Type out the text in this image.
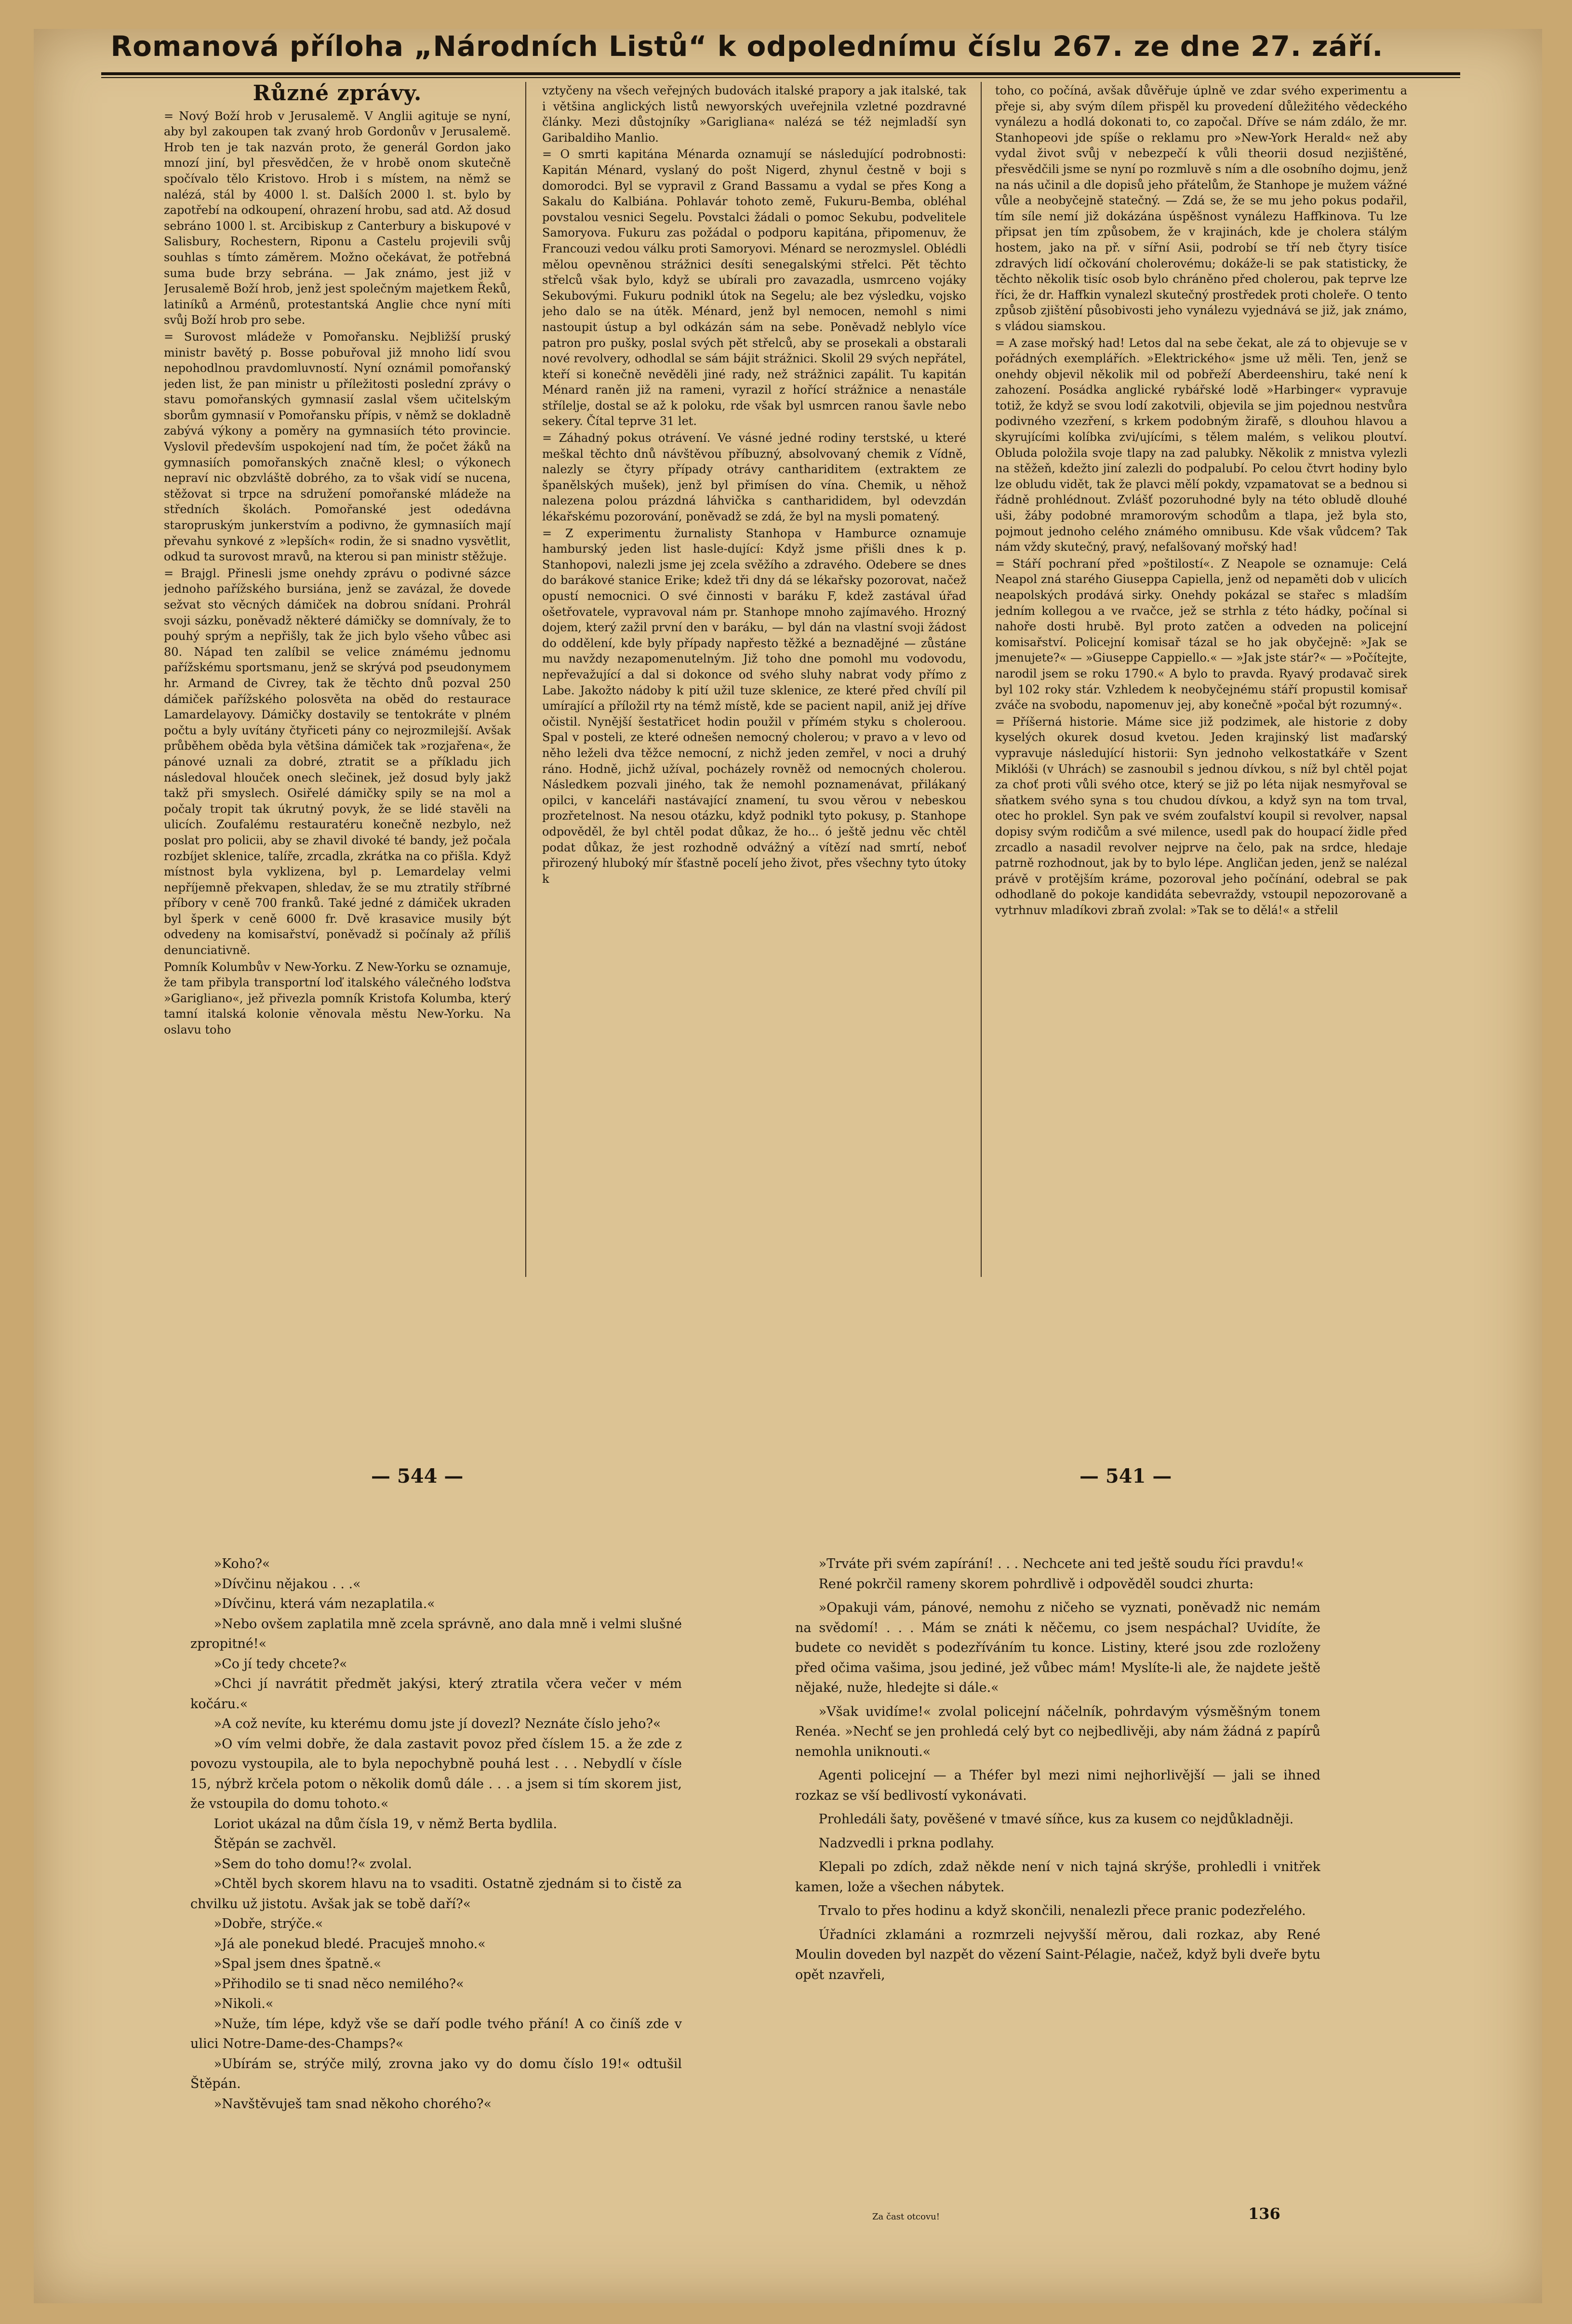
Romanová příloha „Národních Listů“ k odpolednímu číslu 267. ze dne 27. září.
Různé zprávy.

= Nový Boží hrob v Jerusalemě. V Anglii agituje se nyní, aby byl zakoupen tak zvaný hrob Gordonův v Jerusalemě. Hrob ten je tak nazván proto, že generál Gordon jako mnozí jiní, byl přesvědčen, že v hrobě onom skutečně spočívalo tělo Kristovo. Hrob i s místem, na němž se nalézá, stál by 4000 l. st. Dalších 2000 l. st. bylo by zapotřebí na odkoupení, ohrazení hrobu, sad atd. Až dosud sebráno 1000 l. st. Arcibiskup z Canterbury a biskupové v Salisbury, Rochestern, Riponu a Castelu projevili svůj souhlas s tímto záměrem. Možno očekávat, že potřebná suma bude brzy sebrána. — Jak známo, jest již v Jerusalemě Boží hrob, jenž jest společným majetkem Řeků, latiníků a Arménů, protestantská Anglie chce nyní míti svůj Boží hrob pro sebe.

= Surovost mládeže v Pomořansku. Nejbližší pruský ministr bavětý p. Bosse pobuřoval již mnoho lidí svou nepohodlnou pravdomluvností. Nyní oznámil pomořanský jeden list, že pan ministr u příležitosti poslední zprávy o stavu pomořanských gymnasií zaslal všem učitelským sborům gymnasií v Pomořansku přípis, v němž se dokladně zabývá výkony a poměry na gymnasiích této provincie. Vyslovil především uspokojení nad tím, že počet žáků na gymnasiích pomořanských značně klesl; o výkonech nepraví nic obzvláště dobrého, za to však vidí se nucena, stěžovat si trpce na sdružení pomořanské mládeže na středních školách. Pomořanské jest odedávna staropruským junkerstvím a podivno, že gymnasiích mají převahu synkové z »lepších« rodin, že si snadno vysvětlit, odkud ta surovost mravů, na kterou si pan ministr stěžuje.

= Brajgl. Přinesli jsme onehdy zprávu o podivné sázce jednoho pařížského bursiána, jenž se zavázal, že dovede sežvat sto věcných dámiček na dobrou snídani. Prohrál svoji sázku, poněvadž některé dámičky se domnívaly, že to pouhý sprým a nepřišly, tak že jich bylo všeho vůbec asi 80. Nápad ten zalíbil se velice známému jednomu pařížskému sportsmanu, jenž se skrývá pod pseudonymem hr. Armand de Civrey, tak že těchto dnů pozval 250 dámiček pařížského polosvěta na oběd do restaurace Lamardelayovy. Dámičky dostavily se tentokráte v plném počtu a byly uvítány čtyřiceti pány co nejrozmilejší. Avšak průběhem oběda byla většina dámiček tak »rozjařena«, že pánové uznali za dobré, ztratit se a příkladu jich následoval hlouček onech slečinek, jež dosud byly jakž takž při smyslech. Osiřelé dámičky spily se na mol a počaly tropit tak úkrutný povyk, že se lidé stavěli na ulicích. Zoufalému restauratéru konečně nezbylo, než poslat pro policii, aby se zhavil divoké té bandy, jež počala rozbíjet sklenice, talíře, zrcadla, zkrátka na co přišla. Když místnost byla vyklizena, byl p. Lemardelay velmi nepříjemně překvapen, shledav, že se mu ztratily stříbrné příbory v ceně 700 franků. Také jedné z dámiček ukraden byl šperk v ceně 6000 fr. Dvě krasavice musily být odvedeny na komisařství, poněvadž si počínaly až příliš denunciativně.

Pomník Kolumbův v New-Yorku. Z New-Yorku se oznamuje, že tam přibyla transportní loď italského válečného loďstva »Garigliano«, jež přivezla pomník Kristofa Kolumba, který tamní italská kolonie věnovala městu New-Yorku. Na oslavu toho

vztyčeny na všech veřejných budovách italské prapory a jak italské, tak i většina anglických listů newyorských uveřejnila vzletné pozdravné články. Mezi důstojníky »Garigliana« nalézá se též nejmladší syn Garibaldiho Manlio.

= O smrti kapitána Ménarda oznamují se následující podrobnosti: Kapitán Ménard, vyslaný do pošt Nigerd, zhynul čestně v boji s domorodci. Byl se vypravil z Grand Bassamu a vydal se přes Kong a Sakalu do Kalbiána. Pohlavár tohoto země, Fukuru-Bemba, obléhal povstalou vesnici Segelu. Povstalci žádali o pomoc Sekubu, podvelitele Samoryova. Fukuru zas požádal o podporu kapitána, připomenuv, že Francouzi vedou válku proti Samoryovi. Ménard se nerozmyslel. Oblédli mělou opevněnou strážnici desíti senegalskými střelci. Pět těchto střelců však bylo, když se ubírali pro zavazadla, usmrceno vojáky Sekubovými. Fukuru podnikl útok na Segelu; ale bez výsledku, vojsko jeho dalo se na útěk. Ménard, jenž byl nemocen, nemohl s nimi nastoupit ústup a byl odkázán sám na sebe. Poněvadž neblylo více patron pro pušky, poslal svých pět střelců, aby se prosekali a obstarali nové revolvery, odhodlal se sám bájit strážnici. Skolil 29 svých nepřátel, kteří si konečně nevěděli jiné rady, než strážnici zapálit. Tu kapitán Ménard raněn již na rameni, vyrazil z hořící strážnice a nenastále střílelje, dostal se až k poloku, rde však byl usmrcen ranou šavle nebo sekery. Čítal teprve 31 let.

= Záhadný pokus otrávení. Ve vásné jedné rodiny terstské, u které meškal těchto dnů návštěvou příbuzný, absolvovaný chemik z Vídně, nalezly se čtyry případy otrávy canthariditem (extraktem ze španělských mušek), jenž byl přimísen do vína. Chemik, u něhož nalezena polou prázdná láhvička s cantharididem, byl odevzdán lékařskému pozorování, poněvadž se zdá, že byl na mysli pomatený.

= Z experimentu žurnalisty Stanhopa v Hamburce oznamuje hamburský jeden list hasle-dující: Když jsme přišli dnes k p. Stanhopovi, nalezli jsme jej zcela svěžího a zdravého. Odebere se dnes do barákové stanice Erike; kdež tři dny dá se lékařsky pozorovat, načež opustí nemocnici. O své činnosti v baráku F, kdež zastával úřad ošetřovatele, vypravoval nám pr. Stanhope mnoho zajímavého. Hrozný dojem, který zažil první den v baráku, — byl dán na vlastní svoji žádost do oddělení, kde byly případy napřesto těžké a beznadějné — zůstáne mu navždy nezapomenutelným. Již toho dne pomohl mu vodovodu, nepřevažující a dal si dokonce od svého sluhy nabrat vody přímo z Labe. Jakožto nádoby k pití užil tuze sklenice, ze které před chvílí pil umírající a příložil rty na témž místě, kde se pacient napil, aniž jej dříve očistil. Nynější šestatřicet hodin použil v přímém styku s choleroou. Spal v posteli, ze které odnešen nemocný cholerou; v pravo a v levo od něho leželi dva těžce nemocní, z nichž jeden zemřel, v noci a druhý ráno. Hodně, jichž užíval, pocházely rovněž od nemocných cholerou. Následkem pozvali jiného, tak že nemohl poznamenávat, přilákaný opilci, v kanceláři nastávající znamení, tu svou věrou v nebeskou prozřetelnost. Na nesou otázku, když podnikl tyto pokusy, p. Stanhope odpověděl, že byl chtěl podat důkaz, že ho... ó ještě jednu věc chtěl podat důkaz, že jest rozhodně odvážný a vítězí nad smrtí, neboť přirozený hluboký mír šťastně pocelí jeho život, přes všechny tyto útoky k

toho, co počíná, avšak důvěřuje úplně ve zdar svého experimentu a přeje si, aby svým dílem přispěl ku provedení důležitého vědeckého vynálezu a hodlá dokonati to, co započal. Dříve se nám zdálo, že mr. Stanhopeovi jde spíše o reklamu pro »New-York Herald« než aby vydal život svůj v nebezpečí k vůli theorii dosud nezjištěné, přesvědčili jsme se nyní po rozmluvě s ním a dle osobního dojmu, jenž na nás učinil a dle dopisů jeho přátelům, že Stanhope je mužem vážné vůle a neobyčejně statečný. — Zdá se, že se mu jeho pokus podařil, tím síle nemí již dokázána úspěšnost vynálezu Haffkinova. Tu lze připsat jen tím způsobem, že v krajinách, kde je cholera stálým hostem, jako na př. v sířní Asii, podrobí se tří neb čtyry tisíce zdravých lidí očkování cholerovému; dokáže-li se pak statisticky, že těchto několik tisíc osob bylo chráněno před cholerou, pak teprve lze říci, že dr. Haffkin vynalezl skutečný prostředek proti choleře. O tento způsob zjištění působivosti jeho vynálezu vyjednává se již, jak známo, s vládou siamskou.

= A zase mořský had! Letos dal na sebe čekat, ale zá to objevuje se v pořádných exemplářích. »Elektrického« jsme už měli. Ten, jenž se onehdy objevil několik mil od pobřeží Aberdeenshiru, také není k zahození. Posádka anglické rybářské lodě »Harbinger« vypravuje totiž, že když se svou lodí zakotvili, objevila se jim pojednou nestvůra podivného vzezření, s krkem podobným žirafě, s dlouhou hlavou a skyrujícími kolíbka zvi/ujícími, s tělem malém, s velikou ploutví. Obluda položila svoje tlapy na zad palubky. Několik z mnistva vylezli na stěžeň, kdežto jiní zalezli do podpalubí. Po celou čtvrt hodiny bylo lze obludu vidět, tak že plavci mělí pokdy, vzpamatovat se a bednou si řádně prohlédnout. Zvlášť pozoruhodné byly na této obludě dlouhé uši, žáby podobné mramorovým schodům a tlapa, jež byla sto, pojmout jednoho celého známého omnibusu. Kde však vůdcem? Tak nám vždy skutečný, pravý, nefalšovaný mořský had!

= Stáří pochraní před »poštilostí«. Z Neapole se oznamuje: Celá Neapol zná starého Giuseppa Capiella, jenž od nepaměti dob v ulicích neapolských prodává sirky. Onehdy pokázal se stařec s mladším jedním kollegou a ve rvačce, jež se strhla z této hádky, počínal si nahoře dosti hrubě. Byl proto zatčen a odveden na policejní komisařství. Policejní komisař tázal se ho jak obyčejně: »Jak se jmenujete?« — »Giuseppe Cappiello.« — »Jak jste stár?« — »Počítejte, narodil jsem se roku 1790.« A bylo to pravda. Ryavý prodavač sirek byl 102 roky stár. Vzhledem k neobyčejnému stáří propustil komisař zváče na svobodu, napomenuv jej, aby konečně »počal být rozumný«.

= Příšerná historie. Máme sice již podzimek, ale historie z doby kyselých okurek dosud kvetou. Jeden krajinský list maďarský vypravuje následující historii: Syn jednoho velkostatkáře v Szent Miklóši (v Uhrách) se zasnoubil s jednou dívkou, s níž byl chtěl pojat za choť proti vůli svého otce, který se již po léta nijak nesmyřoval se sňatkem svého syna s tou chudou dívkou, a když syn na tom trval, otec ho proklel. Syn pak ve svém zoufalství koupil si revolver, napsal dopisy svým rodičům a své milence, usedl pak do houpací židle před zrcadlo a nasadil revolver nejprve na čelo, pak na srdce, hledaje patrně rozhodnout, jak by to bylo lépe. Angličan jeden, jenž se nalézal právě v protějším kráme, pozoroval jeho počínání, odebral se pak odhodlaně do pokoje kandidáta sebevraždy, vstoupil nepozorovaně a vytrhnuv mladíkovi zbraň zvolal: »Tak se to dělá!« a střelil

— 544 —	— 541 —

»Koho?«

»Dívčinu nějakou . . .«

»Dívčinu, která vám nezaplatila.«

»Nebo ovšem zaplatila mně zcela správně, ano dala mně i velmi slušné zpropitné!«

»Co jí tedy chcete?«

»Chci jí navrátit předmět jakýsi, který ztratila včera večer v mém kočáru.«

»A což nevíte, ku kterému domu jste jí dovezl? Neznáte číslo jeho?«

»O vím velmi dobře, že dala zastavit povoz před číslem 15. a že zde z povozu vystoupila, ale to byla nepochybně pouhá lest . . . Nebydlí v čísle 15, nýbrž krčela potom o několik domů dále . . . a jsem si tím skorem jist, že vstoupila do domu tohoto.«

Loriot ukázal na dům čísla 19, v němž Berta bydlila.

Štěpán se zachvěl.

»Sem do toho domu!?« zvolal.

»Chtěl bych skorem hlavu na to vsaditi. Ostatně zjednám si to čistě za chvilku už jistotu. Avšak jak se tobě daří?«

»Dobře, strýče.«

»Já ale ponekud bledé. Pracuješ mnoho.«

»Spal jsem dnes špatně.«

»Přihodilo se ti snad něco nemilého?«

»Nikoli.«

»Nuže, tím lépe, když vše se daří podle tvého přání! A co činíš zde v ulici Notre-Dame-des-Champs?«

»Ubírám se, strýče milý, zrovna jako vy do domu číslo 19!« odtušil Štěpán.

»Navštěvuješ tam snad někoho chorého?«

»Trváte při svém zapírání! . . . Nechcete ani ted ještě soudu říci pravdu!«

René pokrčil rameny skorem pohrdlivě i odpověděl soudci zhurta:

»Opakuji vám, pánové, nemohu z ničeho se vyznati, poněvadž nic nemám na svědomí! . . . Mám se znáti k něčemu, co jsem nespáchal? Uvidíte, že budete co nevidět s podezříváním tu konce. Listiny, které jsou zde rozloženy před očima vašima, jsou jediné, jež vůbec mám! Myslíte-li ale, že najdete ještě nějaké, nuže, hledejte si dále.«

»Však uvidíme!« zvolal policejní náčelník, pohrdavým výsměšným tonem Renéa. »Nechť se jen prohledá celý byt co nejbedlivěji, aby nám žádná z papírů nemohla uniknouti.«

Agenti policejní — a Théfer byl mezi nimi nejhorlivější — jali se ihned rozkaz se vší bedlivostí vykonávati.

Prohledáli šaty, pověšené v tmavé síňce, kus za kusem co nejdůkladněji.

Nadzvedli i prkna podlahy.

Klepali po zdích, zdaž někde není v nich tajná skrýše, prohledli i vnitřek kamen, lože a všechen nábytek.

Trvalo to přes hodinu a když skončili, nenalezli přece pranic podezřelého.

Úřadníci zklamáni a rozmrzeli nejvyšší měrou, dali rozkaz, aby René Moulin doveden byl nazpět do vězení Saint-Pélagie, načež, když byli dveře bytu opět nzavřeli,

Za čast otcovu!	136
